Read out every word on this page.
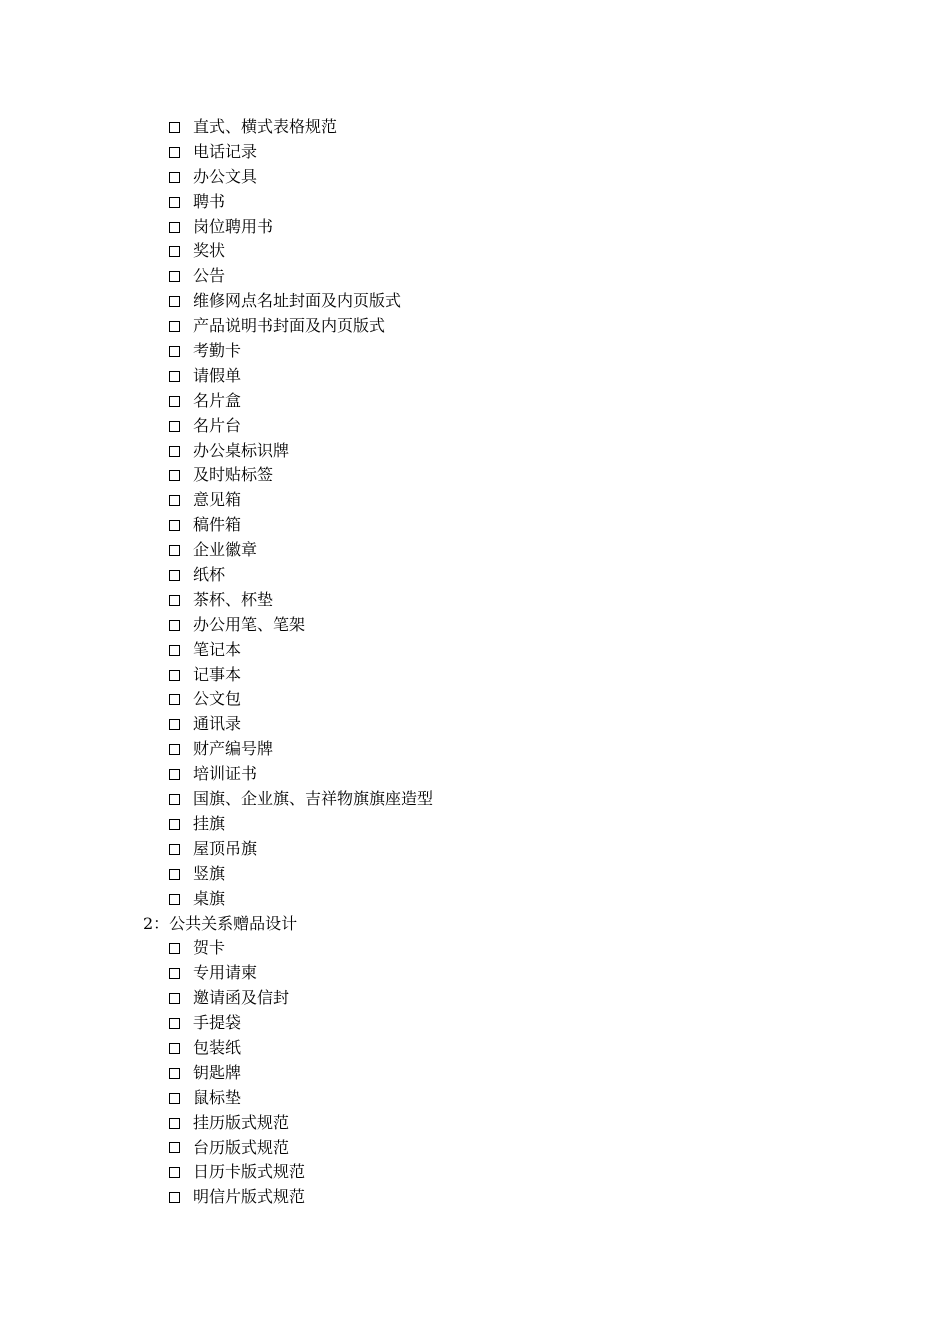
直式、横式表格规范
电话记录
办公文具
聘书
岗位聘用书
奖状
公告
维修网点名址封面及内页版式
产品说明书封面及内页版式
考勤卡
请假单
名片盒
名片台
办公桌标识牌
及时贴标签
意见箱
稿件箱
企业徽章
纸杯
茶杯、杯垫
办公用笔、笔架
笔记本
记事本
公文包
通讯录
财产编号牌
培训证书
国旗、企业旗、吉祥物旗旗座造型
挂旗
屋顶吊旗
竖旗
桌旗
2：公共关系赠品设计
贺卡
专用请柬
邀请函及信封
手提袋
包装纸
钥匙牌
鼠标垫
挂历版式规范
台历版式规范
日历卡版式规范
明信片版式规范
